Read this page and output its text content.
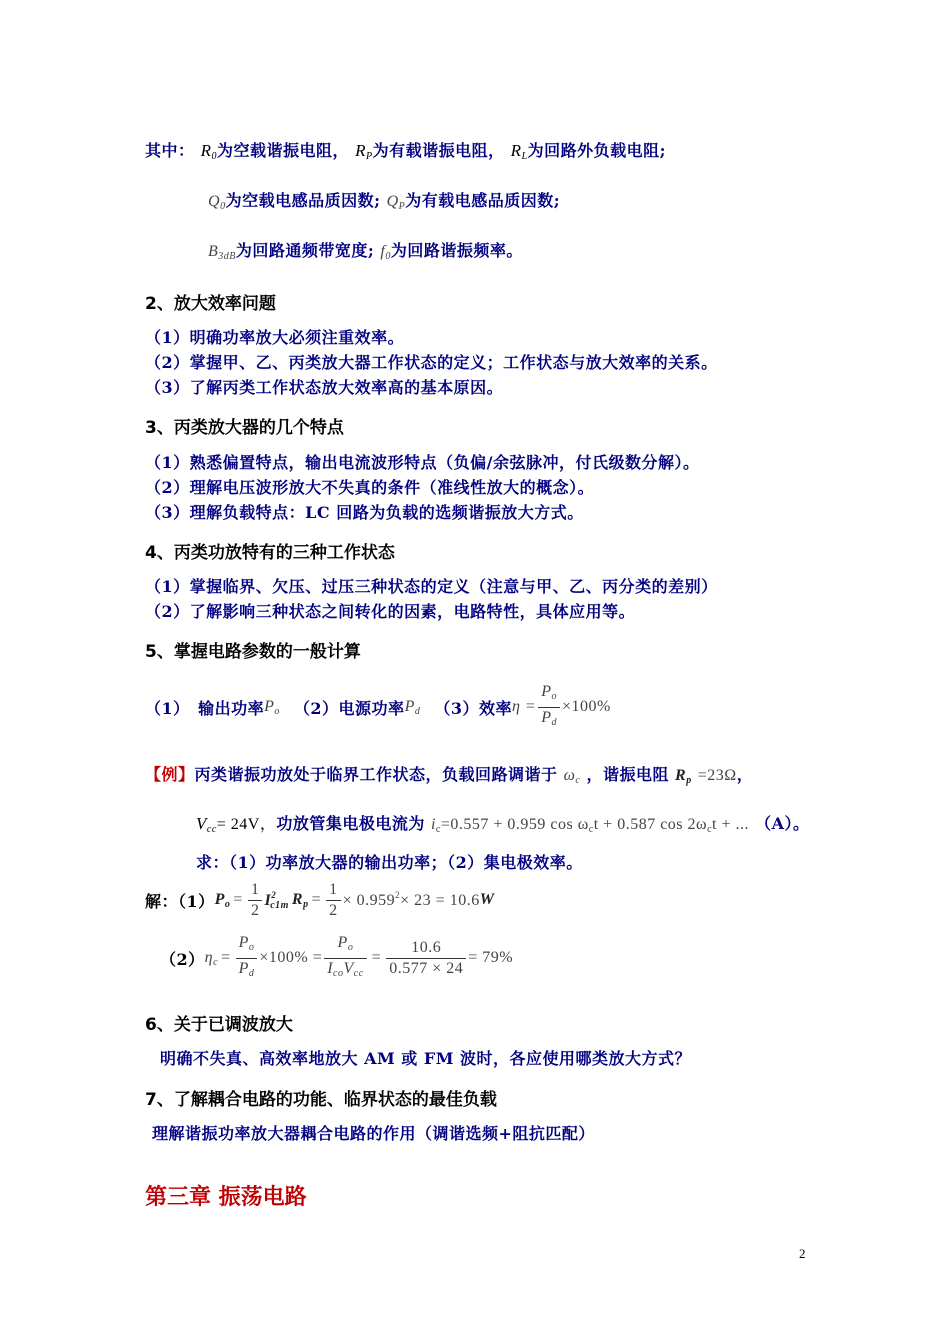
其中： $R_0$为空载谐振电阻， $R_P$为有载谐振电阻， $R_L$为回路外负载电阻;
$Q_0$为空载电感品质因数; $Q_P$为有载电感品质因数;
$B_{3dB}$为回路通频带宽度; $f_0$为回路谐振频率。
2、放大效率问题
（1）明确功率放大必须注重效率。
（2）掌握甲、乙、丙类放大器工作状态的定义；工作状态与放大效率的关系。
（3）了解丙类工作状态放大效率高的基本原因。
3、丙类放大器的几个特点
（1）熟悉偏置特点，输出电流波形特点（负偏/余弦脉冲，付氏级数分解）。
（2）理解电压波形放大不失真的条件（准线性放大的概念）。
（3）理解负载特点：LC 回路为负载的选频谐振放大方式。
4、丙类功放特有的三种工作状态
（1）掌握临界、欠压、过压三种状态的定义（注意与甲、乙、丙分类的差别）
（2）了解影响三种状态之间转化的因素，电路特性，具体应用等。
5、掌握电路参数的一般计算
（1）　输出功率 $P_o$ （2）电源功率 $P_d$ （3）效率 $\eta = \frac{P_o}{P_d} \times 100\%$
【例】丙类谐振功放处于临界工作状态，负载回路调谐于 $\omega_c$ ，谐振电阻 $R_p =23\Omega$，
$V_{cc}= 24V$，功放管集电极电流为 $i_c=0.557 + 0.959$ $\cos \omega_ct + 0.587$ $\cos 2\omega_ct$ + ... （A）。
求：（1）功率放大器的输出功率；（2）集电极效率。
解：（1） $P_o = \frac{1}{2} I^2_{c1m}$ $R_p = \frac{1}{2} \times 0.959^2\times 23 = 10.6$ W
（2） $\eta_c = \frac{P_o}{P_d} \times 100\% = \frac{P_o}{I_{co}V_{cc}} = \frac{10.6}{0.577 \times 24} = 79\%$
6、关于已调波放大
明确不失真、高效率地放大 AM 或 FM 波时，各应使用哪类放大方式？
7、了解耦合电路的功能、临界状态的最佳负载
理解谐振功率放大器耦合电路的作用（调谐选频+阻抗匹配）
第三章 振荡电路
2
